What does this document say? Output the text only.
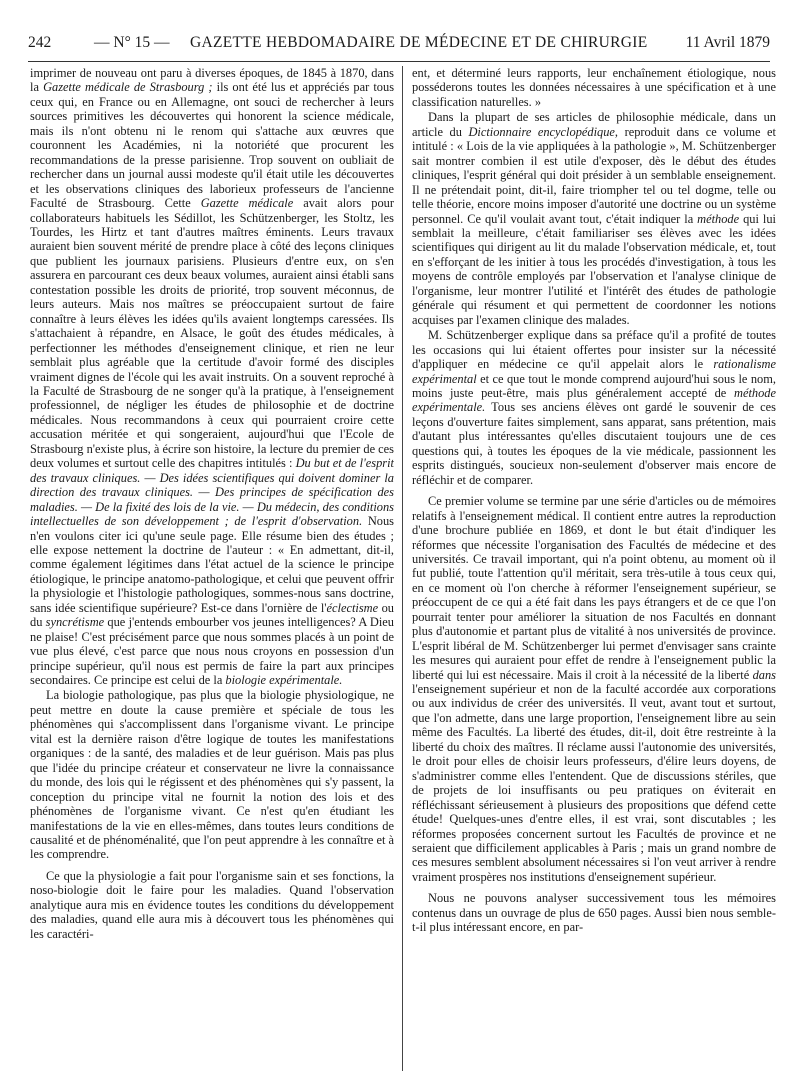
242	— N° 15 — GAZETTE HEBDOMADAIRE DE MÉDECINE ET DE CHIRURGIE 11 Avril 1879

imprimer de nouveau ont paru à diverses époques, de 1845 à 1870, dans la Gazette médicale de Strasbourg ; ils ont été lus et appréciés par tous ceux qui, en France ou en Allemagne, ont souci de rechercher à leurs sources primitives les découvertes qui honorent la science médicale, mais ils n'ont obtenu ni le renom qui s'attache aux œuvres que couronnent les Académies, ni la notoriété que procurent les recommandations de la presse parisienne. Trop souvent on oubliait de rechercher dans un journal aussi modeste qu'il était utile les découvertes et les observations cliniques des laborieux professeurs de l'ancienne Faculté de Strasbourg. Cette Gazette médicale avait alors pour collaborateurs habituels les Sédillot, les Schützenberger, les Stoltz, les Tourdes, les Hirtz et tant d'autres maîtres éminents. Leurs travaux auraient bien souvent mérité de prendre place à côté des leçons cliniques que publient les journaux parisiens. Plusieurs d'entre eux, on s'en assurera en parcourant ces deux beaux volumes, auraient ainsi établi sans contestation possible les droits de priorité, trop souvent méconnus, de leurs auteurs. Mais nos maîtres se préoccupaient surtout de faire connaître à leurs élèves les idées qu'ils avaient longtemps caressées. Ils s'attachaient à répandre, en Alsace, le goût des études médicales, à perfectionner les méthodes d'enseignement clinique, et rien ne leur semblait plus agréable que la certitude d'avoir formé des disciples vraiment dignes de l'école qui les avait instruits. On a souvent reproché à la Faculté de Strasbourg de ne songer qu'à la pratique, à l'enseignement professionnel, de négliger les études de philosophie et de doctrine médicales. Nous recommandons à ceux qui pourraient croire cette accusation méritée et qui songeraient, aujourd'hui que l'Ecole de Strasbourg n'existe plus, à écrire son histoire, la lecture du premier de ces deux volumes et surtout celle des chapitres intitulés : Du but et de l'esprit des travaux cliniques. — Des idées scientifiques qui doivent dominer la direction des travaux cliniques. — Des principes de spécification des maladies. — De la fixité des lois de la vie. — Du médecin, des conditions intellectuelles de son développement ; de l'esprit d'observation. Nous n'en voulons citer ici qu'une seule page. Elle résume bien des études ; elle expose nettement la doctrine de l'auteur : « En admettant, dit-il, comme également légitimes dans l'état actuel de la science le principe étiologique, le principe anatomo-pathologique, et celui que peuvent offrir la physiologie et l'histologie pathologiques, sommes-nous sans doctrine, sans idée scientifique supérieure? Est-ce dans l'ornière de l'éclectisme ou du syncrétisme que j'entends embourber vos jeunes intelligences? A Dieu ne plaise! C'est précisément parce que nous sommes placés à un point de vue plus élevé, c'est parce que nous nous croyons en possession d'un principe supérieur, qu'il nous est permis de faire la part aux principes secondaires. Ce principe est celui de la biologie expérimentale.

La biologie pathologique, pas plus que la biologie physiologique, ne peut mettre en doute la cause première et spéciale de tous les phénomènes qui s'accomplissent dans l'organisme vivant. Le principe vital est la dernière raison d'être logique de toutes les manifestations organiques : de la santé, des maladies et de leur guérison. Mais pas plus que l'idée du principe créateur et conservateur ne livre la connaissance du monde, des lois qui le régissent et des phénomènes qui s'y passent, la conception du principe vital ne fournit la notion des lois et des phénomènes de l'organisme vivant. Ce n'est qu'en étudiant les manifestations de la vie en elles-mêmes, dans toutes leurs conditions de causalité et de phénoménalité, que l'on peut apprendre à les connaître et à les comprendre.

Ce que la physiologie a fait pour l'organisme sain et ses fonctions, la noso-biologie doit le faire pour les maladies. Quand l'observation analytique aura mis en évidence toutes les conditions du développement des maladies, quand elle aura mis à découvert tous les phénomènes qui les caractéri-

ent, et déterminé leurs rapports, leur enchaînement étiologique, nous posséderons toutes les données nécessaires à une spécification et à une classification naturelles. »

Dans la plupart de ses articles de philosophie médicale, dans un article du Dictionnaire encyclopédique, reproduit dans ce volume et intitulé : « Lois de la vie appliquées à la pathologie », M. Schützenberger sait montrer combien il est utile d'exposer, dès le début des études cliniques, l'esprit général qui doit présider à un semblable enseignement. Il ne prétendait point, dit-il, faire triompher tel ou tel dogme, telle ou telle théorie, encore moins imposer d'autorité une doctrine ou un système personnel. Ce qu'il voulait avant tout, c'était indiquer la méthode qui lui semblait la meilleure, c'était familiariser ses élèves avec les idées scientifiques qui dirigent au lit du malade l'observation médicale, et, tout en s'efforçant de les initier à tous les procédés d'investigation, à tous les moyens de contrôle employés par l'observation et l'analyse clinique de l'organisme, leur montrer l'utilité et l'intérêt des études de pathologie générale qui résument et qui permettent de coordonner les notions acquises par l'examen clinique des malades.

M. Schützenberger explique dans sa préface qu'il a profité de toutes les occasions qui lui étaient offertes pour insister sur la nécessité d'appliquer en médecine ce qu'il appelait alors le rationalisme expérimental et ce que tout le monde comprend aujourd'hui sous le nom, moins juste peut-être, mais plus généralement accepté de méthode expérimentale. Tous ses anciens élèves ont gardé le souvenir de ces leçons d'ouverture faites simplement, sans apparat, sans prétention, mais d'autant plus intéressantes qu'elles discutaient toujours une de ces questions qui, à toutes les époques de la vie médicale, passionnent les esprits distingués, soucieux non-seulement d'observer mais encore de réfléchir et de comparer.

Ce premier volume se termine par une série d'articles ou de mémoires relatifs à l'enseignement médical. Il contient entre autres la reproduction d'une brochure publiée en 1869, et dont le but était d'indiquer les réformes que nécessite l'organisation des Facultés de médecine et des universités. Ce travail important, qui n'a point obtenu, au moment où il fut publié, toute l'attention qu'il méritait, sera très-utile à tous ceux qui, en ce moment où l'on cherche à réformer l'enseignement supérieur, se préoccupent de ce qui a été fait dans les pays étrangers et de ce que l'on pourrait tenter pour améliorer la situation de nos Facultés en donnant plus d'autonomie et partant plus de vitalité à nos universités de province. L'esprit libéral de M. Schützenberger lui permet d'envisager sans crainte les mesures qui auraient pour effet de rendre à l'enseignement public la liberté qui lui est nécessaire. Mais il croit à la nécessité de la liberté dans l'enseignement supérieur et non de la faculté accordée aux corporations ou aux individus de créer des universités. Il veut, avant tout et surtout, que l'on admette, dans une large proportion, l'enseignement libre au sein même des Facultés. La liberté des études, dit-il, doit être restreinte à la liberté du choix des maîtres. Il réclame aussi l'autonomie des universités, le droit pour elles de choisir leurs professeurs, d'élire leurs doyens, de s'administrer comme elles l'entendent. Que de discussions stériles, que de projets de loi insuffisants ou peu pratiques on éviterait en réfléchissant sérieusement à plusieurs des propositions que défend cette étude! Quelques-unes d'entre elles, il est vrai, sont discutables ; les réformes proposées concernent surtout les Facultés de province et ne seraient que difficilement applicables à Paris ; mais un grand nombre de ces mesures semblent absolument nécessaires si l'on veut arriver à rendre vraiment prospères nos institutions d'enseignement supérieur.

Nous ne pouvons analyser successivement tous les mémoires contenus dans un ouvrage de plus de 650 pages. Aussi bien nous semble-t-il plus intéressant encore, en par-
